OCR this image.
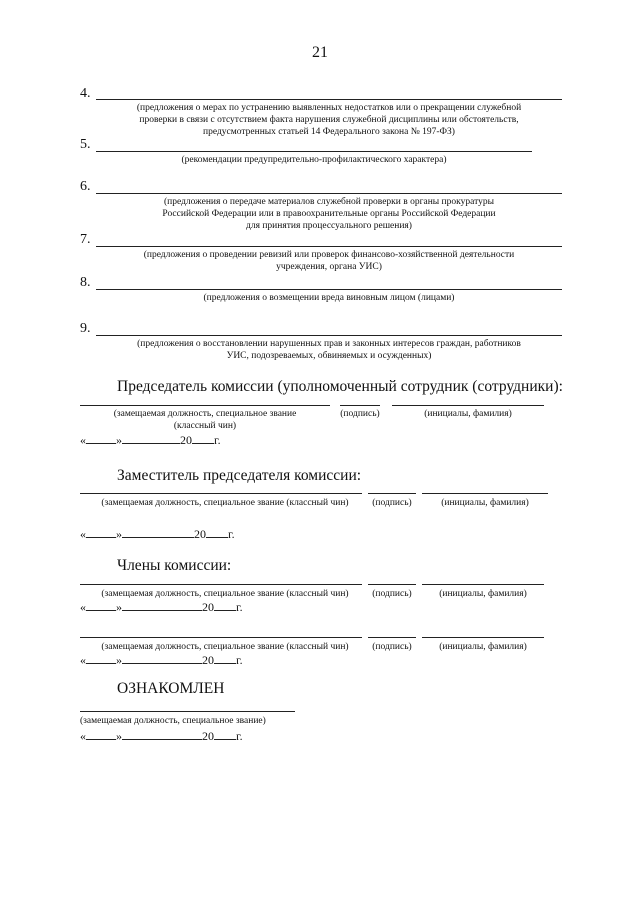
21
4.
(предложения о мерах по устранению выявленных недостатков или о прекращении служебной
проверки в связи с отсутствием факта нарушения служебной дисциплины или обстоятельств,
предусмотренных статьей 14 Федерального закона № 197-ФЗ)
5.
(рекомендации предупредительно-профилактического характера)
6.
(предложения о передаче материалов служебной проверки в органы прокуратуры
Российской Федерации или в правоохранительные органы Российской Федерации
для принятия процессуального решения)
7.
(предложения о проведении ревизий или проверок финансово-хозяйственной деятельности
учреждения, органа УИС)
8.
(предложения о возмещении вреда виновным лицом (лицами)
9.
(предложения о восстановлении нарушенных прав и законных интересов граждан, работников
УИС, подозреваемых, обвиняемых и осужденных)
Председатель комиссии (уполномоченный сотрудник (сотрудники):
(замещаемая должность, специальное звание
(классный чин)
(подпись)	(инициалы, фамилия)
«	»	20 г.
Заместитель председателя комиссии:
(замещаемая должность, специальное звание (классный чин)	(подпись)	(инициалы, фамилия)
«	»	20 г.
Члены комиссии:
(замещаемая должность, специальное звание (классный чин)	(подпись)	(инициалы, фамилия)
«	»	20 г.
(замещаемая должность, специальное звание (классный чин)	(подпись)	(инициалы, фамилия)
«	»	20 г.
ОЗНАКОМЛЕН
(замещаемая должность, специальное звание)
«	»	20 г.
